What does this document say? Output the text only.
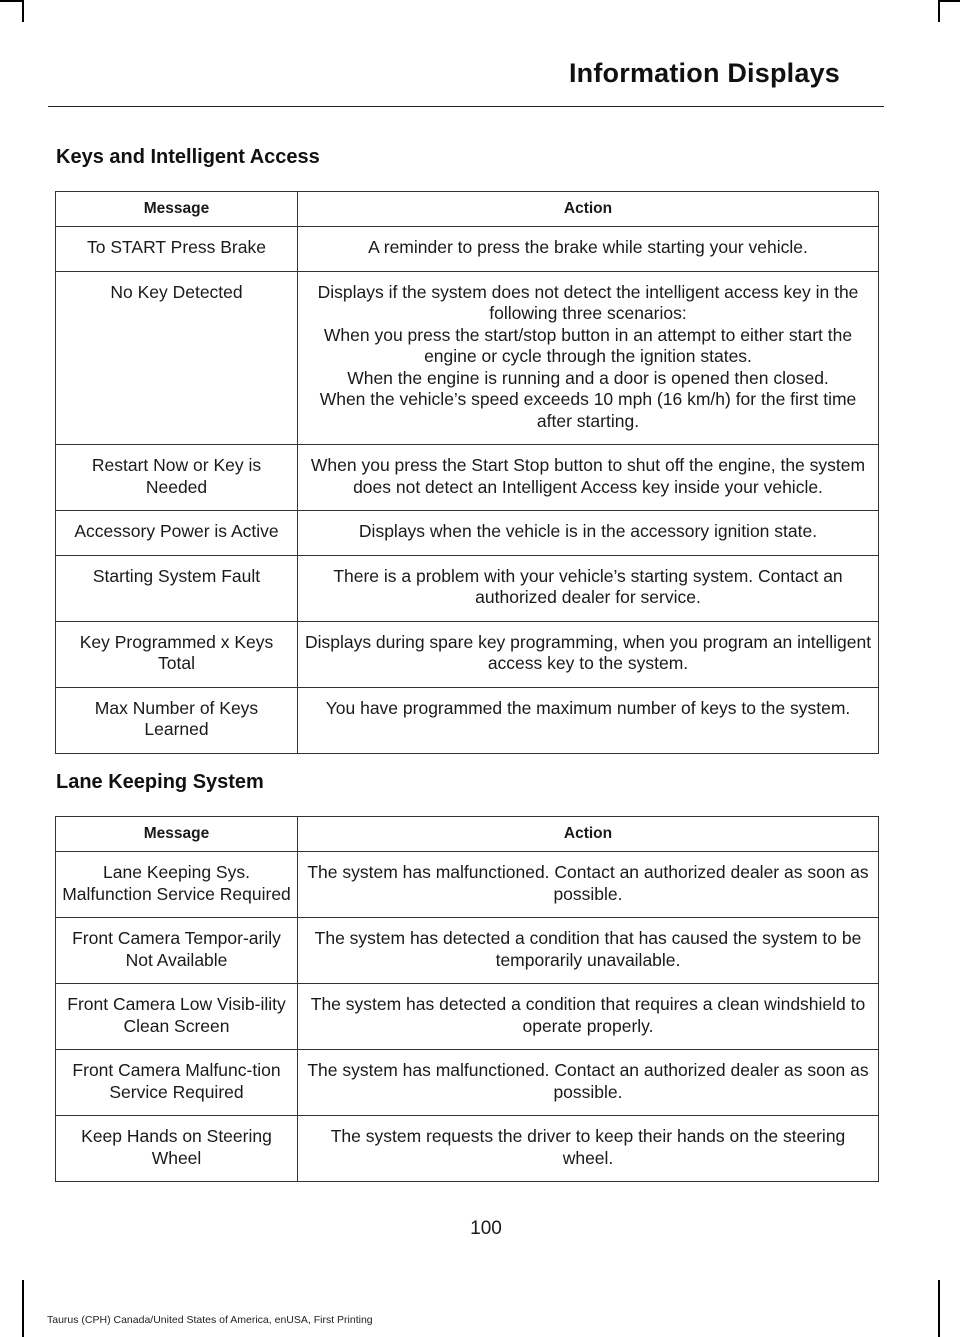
Information Displays
Keys and Intelligent Access
Message	Action
To START Press Brake	A reminder to press the brake while starting your vehicle.

No Key Detected	Displays if the system does not detect the intelligent access key in the following three scenarios:
When you press the start/stop button in an attempt to either start the engine or cycle through the ignition states.
When the engine is running and a door is opened then closed.
When the vehicle’s speed exceeds 10 mph (16 km/h) for the first time after starting.

Restart Now or Key is Needed	When you press the Start Stop button to shut off the engine, the system does not detect an Intelligent Access key inside your vehicle.

Accessory Power is Active	Displays when the vehicle is in the accessory ignition state.

Starting System Fault	There is a problem with your vehicle’s starting system. Contact an authorized dealer for service.

Key Programmed x Keys Total	Displays during spare key programming, when you program an intelligent access key to the system.

Max Number of Keys Learned	You have programmed the maximum number of keys to the system.
Lane Keeping System
Message	Action
Lane Keeping Sys. Malfunction Service Required	The system has malfunctioned. Contact an authorized dealer as soon as possible.

Front Camera Tempor-arily Not Available	The system has detected a condition that has caused the system to be temporarily unavailable.

Front Camera Low Visib-ility Clean Screen	The system has detected a condition that requires a clean windshield to operate properly.

Front Camera Malfunc-tion Service Required	The system has malfunctioned. Contact an authorized dealer as soon as possible.

Keep Hands on Steering Wheel	The system requests the driver to keep their hands on the steering wheel.
100
Taurus (CPH) Canada/United States of America, enUSA, First Printing
